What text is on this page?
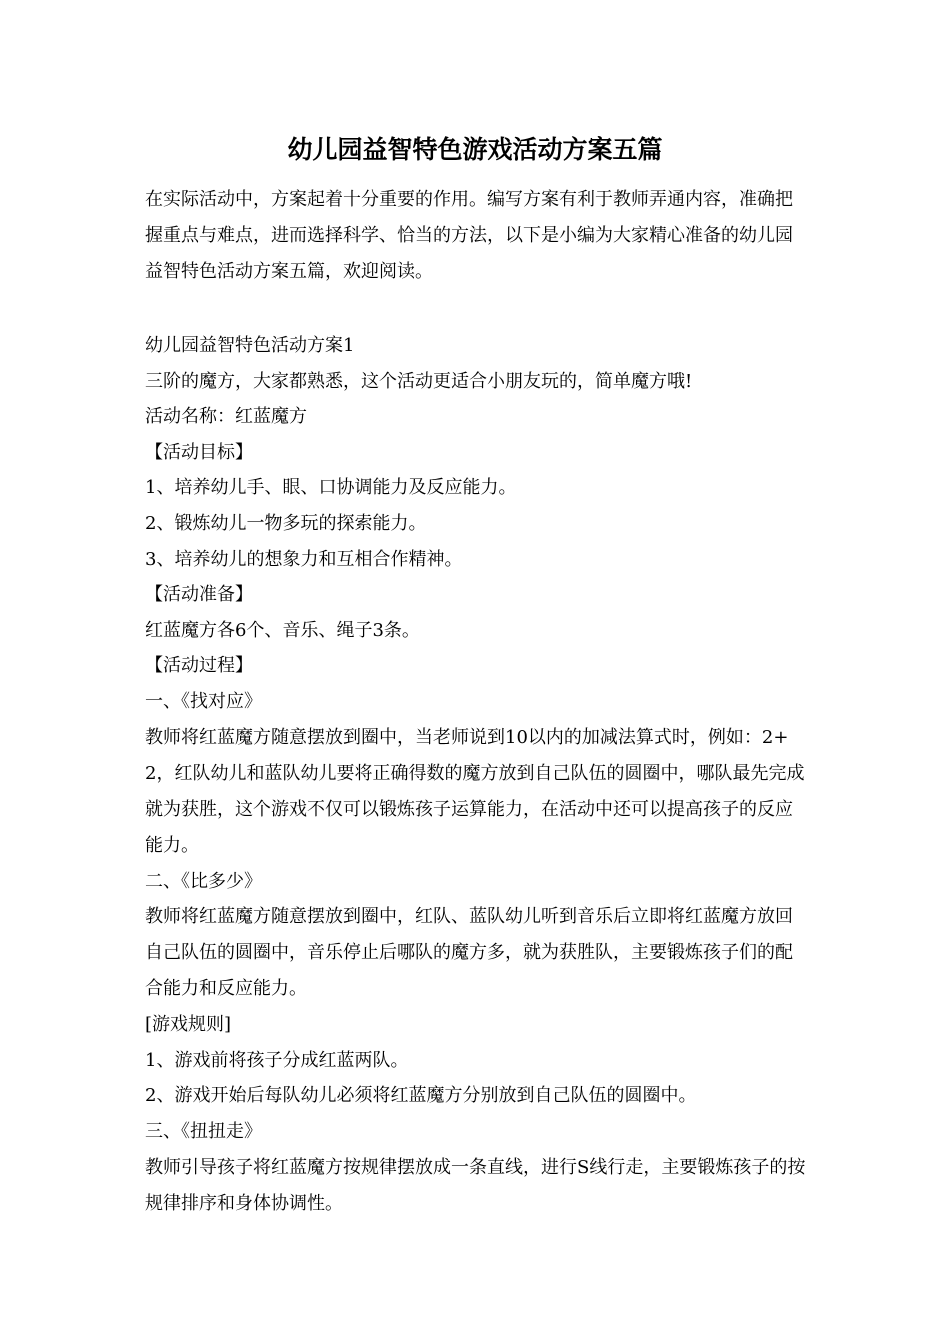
幼儿园益智特色游戏活动方案五篇

在实际活动中，方案起着十分重要的作用。编写方案有利于教师弄通内容，准确把握重点与难点，进而选择科学、恰当的方法，以下是小编为大家精心准备的幼儿园益智特色活动方案五篇，欢迎阅读。

幼儿园益智特色活动方案1
三阶的魔方，大家都熟悉，这个活动更适合小朋友玩的，简单魔方哦!
活动名称：红蓝魔方
【活动目标】
1、培养幼儿手、眼、口协调能力及反应能力。
2、锻炼幼儿一物多玩的探索能力。
3、培养幼儿的想象力和互相合作精神。
【活动准备】
红蓝魔方各6个、音乐、绳子3条。
【活动过程】
一、《找对应》

教师将红蓝魔方随意摆放到圈中，当老师说到10以内的加减法算式时，例如：2+2，红队幼儿和蓝队幼儿要将正确得数的魔方放到自己队伍的圆圈中，哪队最先完成就为获胜，这个游戏不仅可以锻炼孩子运算能力，在活动中还可以提高孩子的反应能力。

二、《比多少》

教师将红蓝魔方随意摆放到圈中，红队、蓝队幼儿听到音乐后立即将红蓝魔方放回自己队伍的圆圈中，音乐停止后哪队的魔方多，就为获胜队，主要锻炼孩子们的配合能力和反应能力。

[游戏规则]
1、游戏前将孩子分成红蓝两队。
2、游戏开始后每队幼儿必须将红蓝魔方分别放到自己队伍的圆圈中。
三、《扭扭走》

教师引导孩子将红蓝魔方按规律摆放成一条直线，进行S线行走，主要锻炼孩子的按规律排序和身体协调性。
